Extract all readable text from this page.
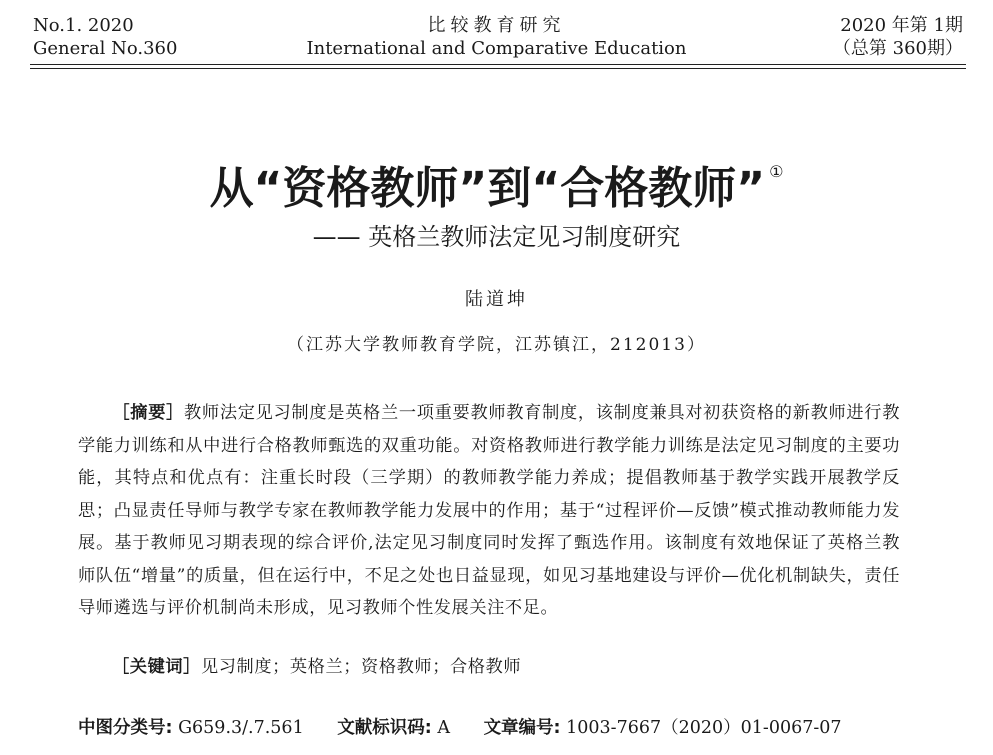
No.1. 2020
General No.360
比较教育研究
International and Comparative Education
2020 年第 1期
（总第 360期）
从“资格教师”到“合格教师” ①
—— 英格兰教师法定见习制度研究
陆道坤
（江苏大学教师教育学院，江苏镇江，212013）
［摘要］教师法定见习制度是英格兰一项重要教师教育制度，该制度兼具对初获资格的新教师进行教学能力训练和从中进行合格教师甄选的双重功能。对资格教师进行教学能力训练是法定见习制度的主要功能，其特点和优点有：注重长时段（三学期）的教师教学能力养成；提倡教师基于教学实践开展教学反思；凸显责任导师与教学专家在教师教学能力发展中的作用；基于“过程评价—反馈”模式推动教师能力发展。基于教师见习期表现的综合评价,法定见习制度同时发挥了甄选作用。该制度有效地保证了英格兰教师队伍“增量”的质量，但在运行中，不足之处也日益显现，如见习基地建设与评价—优化机制缺失，责任导师遴选与评价机制尚未形成，见习教师个性发展关注不足。
［关键词］见习制度；英格兰；资格教师；合格教师
中图分类号: G659.3/.7.561 文献标识码: A 文章编号: 1003-7667（2020）01-0067-07
